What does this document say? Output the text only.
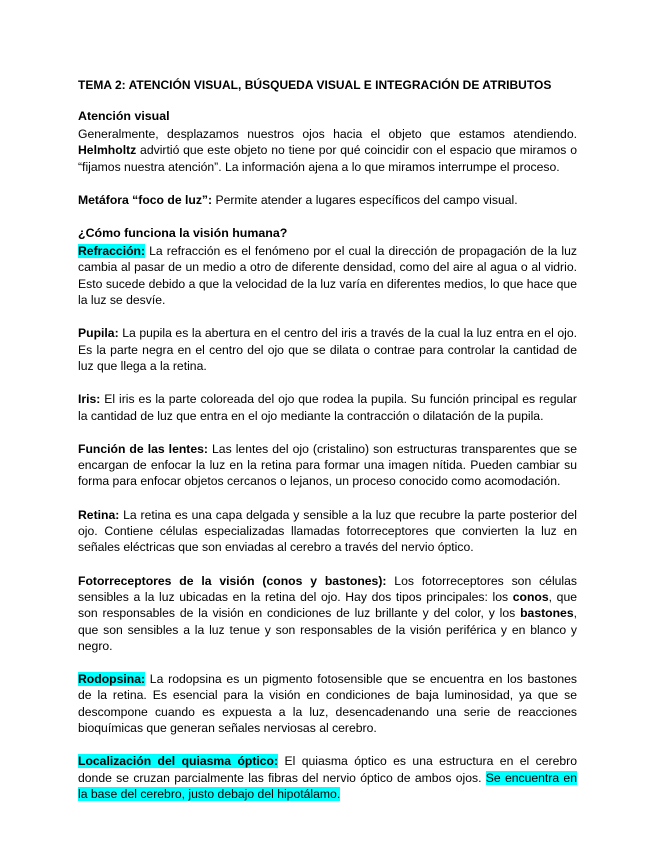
TEMA 2: ATENCIÓN VISUAL, BÚSQUEDA VISUAL E INTEGRACIÓN DE ATRIBUTOS
Atención visual

Generalmente, desplazamos nuestros ojos hacia el objeto que estamos atendiendo. Helmholtz advirtió que este objeto no tiene por qué coincidir con el espacio que miramos o “fijamos nuestra atención”. La información ajena a lo que miramos interrumpe el proceso.

Metáfora “foco de luz”: Permite atender a lugares específicos del campo visual.

¿Cómo funciona la visión humana?

Refracción: La refracción es el fenómeno por el cual la dirección de propagación de la luz cambia al pasar de un medio a otro de diferente densidad, como del aire al agua o al vidrio. Esto sucede debido a que la velocidad de la luz varía en diferentes medios, lo que hace que la luz se desvíe.

Pupila: La pupila es la abertura en el centro del iris a través de la cual la luz entra en el ojo. Es la parte negra en el centro del ojo que se dilata o contrae para controlar la cantidad de luz que llega a la retina.

Iris: El iris es la parte coloreada del ojo que rodea la pupila. Su función principal es regular la cantidad de luz que entra en el ojo mediante la contracción o dilatación de la pupila.

Función de las lentes: Las lentes del ojo (cristalino) son estructuras transparentes que se encargan de enfocar la luz en la retina para formar una imagen nítida. Pueden cambiar su forma para enfocar objetos cercanos o lejanos, un proceso conocido como acomodación.

Retina: La retina es una capa delgada y sensible a la luz que recubre la parte posterior del ojo. Contiene células especializadas llamadas fotorreceptores que convierten la luz en señales eléctricas que son enviadas al cerebro a través del nervio óptico.

Fotorreceptores de la visión (conos y bastones): Los fotorreceptores son células sensibles a la luz ubicadas en la retina del ojo. Hay dos tipos principales: los conos, que son responsables de la visión en condiciones de luz brillante y del color, y los bastones, que son sensibles a la luz tenue y son responsables de la visión periférica y en blanco y negro.

Rodopsina: La rodopsina es un pigmento fotosensible que se encuentra en los bastones de la retina. Es esencial para la visión en condiciones de baja luminosidad, ya que se descompone cuando es expuesta a la luz, desencadenando una serie de reacciones bioquímicas que generan señales nerviosas al cerebro.

Localización del quiasma óptico: El quiasma óptico es una estructura en el cerebro donde se cruzan parcialmente las fibras del nervio óptico de ambos ojos. Se encuentra en la base del cerebro, justo debajo del hipotálamo.
